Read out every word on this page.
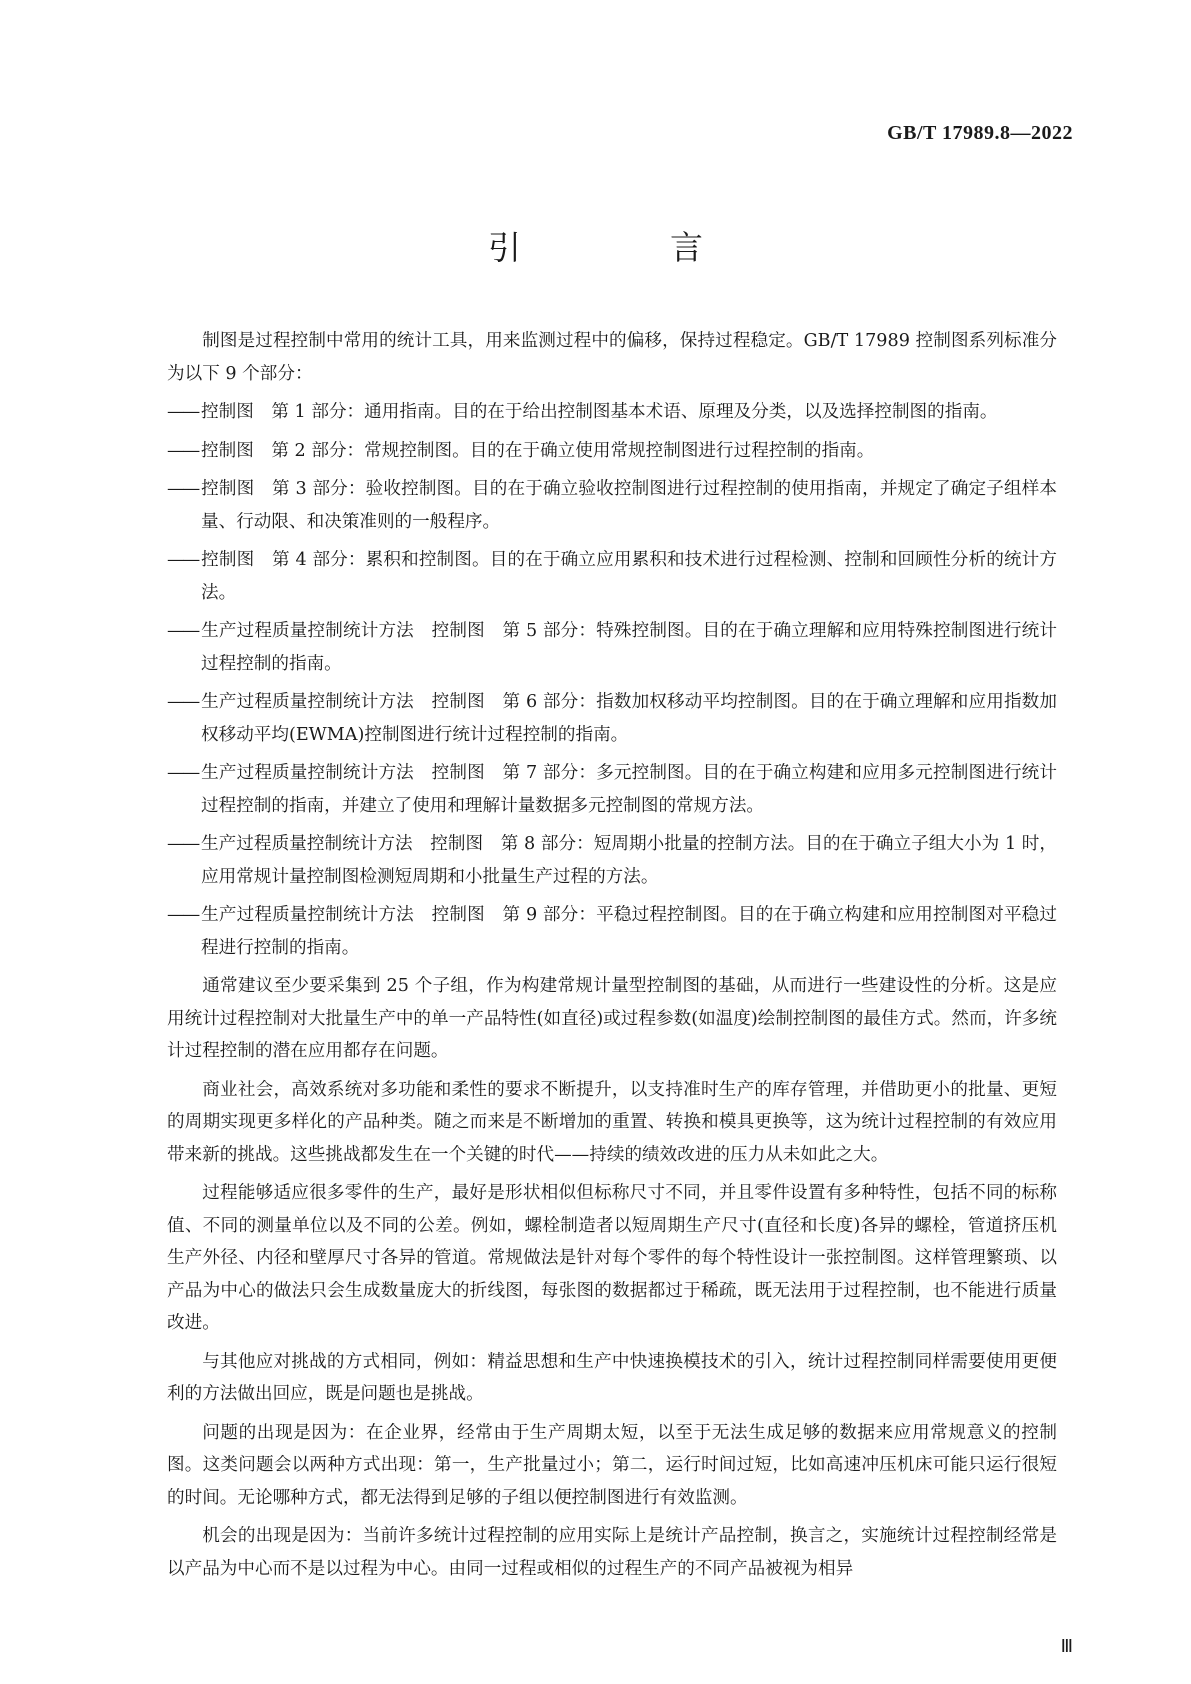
GB/T 17989.8—2022
引　言

制图是过程控制中常用的统计工具，用来监测过程中的偏移，保持过程稳定。GB/T 17989 控制图系列标准分为以下 9 个部分：

—— 控制图　第 1 部分：通用指南。目的在于给出控制图基本术语、原理及分类，以及选择控制图的指南。
—— 控制图　第 2 部分：常规控制图。目的在于确立使用常规控制图进行过程控制的指南。
—— 控制图　第 3 部分：验收控制图。目的在于确立验收控制图进行过程控制的使用指南，并规定了确定子组样本量、行动限、和决策准则的一般程序。
—— 控制图　第 4 部分：累积和控制图。目的在于确立应用累积和技术进行过程检测、控制和回顾性分析的统计方法。
—— 生产过程质量控制统计方法　控制图　第 5 部分：特殊控制图。目的在于确立理解和应用特殊控制图进行统计过程控制的指南。
—— 生产过程质量控制统计方法　控制图　第 6 部分：指数加权移动平均控制图。目的在于确立理解和应用指数加权移动平均(EWMA)控制图进行统计过程控制的指南。
—— 生产过程质量控制统计方法　控制图　第 7 部分：多元控制图。目的在于确立构建和应用多元控制图进行统计过程控制的指南，并建立了使用和理解计量数据多元控制图的常规方法。
—— 生产过程质量控制统计方法　控制图　第 8 部分：短周期小批量的控制方法。目的在于确立子组大小为 1 时，应用常规计量控制图检测短周期和小批量生产过程的方法。
—— 生产过程质量控制统计方法　控制图　第 9 部分：平稳过程控制图。目的在于确立构建和应用控制图对平稳过程进行控制的指南。

通常建议至少要采集到 25 个子组，作为构建常规计量型控制图的基础，从而进行一些建设性的分析。这是应用统计过程控制对大批量生产中的单一产品特性(如直径)或过程参数(如温度)绘制控制图的最佳方式。然而，许多统计过程控制的潜在应用都存在问题。

商业社会，高效系统对多功能和柔性的要求不断提升，以支持准时生产的库存管理，并借助更小的批量、更短的周期实现更多样化的产品种类。随之而来是不断增加的重置、转换和模具更换等，这为统计过程控制的有效应用带来新的挑战。这些挑战都发生在一个关键的时代——持续的绩效改进的压力从未如此之大。

过程能够适应很多零件的生产，最好是形状相似但标称尺寸不同，并且零件设置有多种特性，包括不同的标称值、不同的测量单位以及不同的公差。例如，螺栓制造者以短周期生产尺寸(直径和长度)各异的螺栓，管道挤压机生产外径、内径和壁厚尺寸各异的管道。常规做法是针对每个零件的每个特性设计一张控制图。这样管理繁琐、以产品为中心的做法只会生成数量庞大的折线图，每张图的数据都过于稀疏，既无法用于过程控制，也不能进行质量改进。

与其他应对挑战的方式相同，例如：精益思想和生产中快速换模技术的引入，统计过程控制同样需要使用更便利的方法做出回应，既是问题也是挑战。

问题的出现是因为：在企业界，经常由于生产周期太短，以至于无法生成足够的数据来应用常规意义的控制图。这类问题会以两种方式出现：第一，生产批量过小；第二，运行时间过短，比如高速冲压机床可能只运行很短的时间。无论哪种方式，都无法得到足够的子组以便控制图进行有效监测。

机会的出现是因为：当前许多统计过程控制的应用实际上是统计产品控制，换言之，实施统计过程控制经常是以产品为中心而不是以过程为中心。由同一过程或相似的过程生产的不同产品被视为相异

Ⅲ
